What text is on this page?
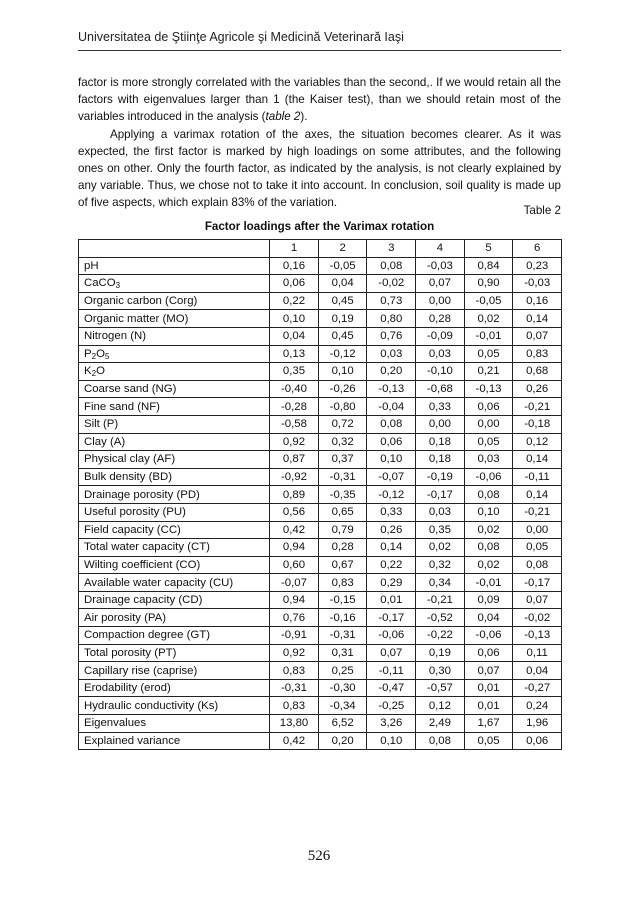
Universitatea de Ştiinţe Agricole şi Medicină Veterinară Iaşi

factor is more strongly correlated with the variables than the second,. If we would retain all the factors with eigenvalues larger than 1 (the Kaiser test), than we should retain most of the variables introduced in the analysis (table 2).

Applying a varimax rotation of the axes, the situation becomes clearer. As it was expected, the first factor is marked by high loadings on some attributes, and the following ones on other. Only the fourth factor, as indicated by the analysis, is not clearly explained by any variable. Thus, we chose not to take it into account. In conclusion, soil quality is made up of five aspects, which explain 83% of the variation.

Table 2
Factor loadings after the Varimax rotation
	1	2	3	4	5	6
pH	0,16	-0,05	0,08	-0,03	0,84	0,23
CaCO$_3$	0,06	0,04	-0,02	0,07	0,90	-0,03
Organic carbon (Corg)	0,22	0,45	0,73	0,00	-0,05	0,16
Organic matter (MO)	0,10	0,19	0,80	0,28	0,02	0,14
Nitrogen (N)	0,04	0,45	0,76	-0,09	-0,01	0,07
$P_2O_5$	0,13	-0,12	0,03	0,03	0,05	0,83
$K_2O$	0,35	0,10	0,20	-0,10	0,21	0,68
Coarse sand (NG)	-0,40	-0,26	-0,13	-0,68	-0,13	0,26
Fine sand (NF)	-0,28	-0,80	-0,04	0,33	0,06	-0,21
Silt (P)	-0,58	0,72	0,08	0,00	0,00	-0,18
Clay (A)	0,92	0,32	0,06	0,18	0,05	0,12
Physical clay (AF)	0,87	0,37	0,10	0,18	0,03	0,14
Bulk density (BD)	-0,92	-0,31	-0,07	-0,19	-0,06	-0,11
Drainage porosity (PD)	0,89	-0,35	-0,12	-0,17	0,08	0,14
Useful porosity (PU)	0,56	0,65	0,33	0,03	0,10	-0,21
Field capacity (CC)	0,42	0,79	0,26	0,35	0,02	0,00
Total water capacity (CT)	0,94	0,28	0,14	0,02	0,08	0,05
Wilting coefficient (CO)	0,60	0,67	0,22	0,32	0,02	0,08
Available water capacity (CU)	-0,07	0,83	0,29	0,34	-0,01	-0,17
Drainage capacity (CD)	0,94	-0,15	0,01	-0,21	0,09	0,07
Air porosity (PA)	0,76	-0,16	-0,17	-0,52	0,04	-0,02
Compaction degree (GT)	-0,91	-0,31	-0,06	-0,22	-0,06	-0,13
Total porosity (PT)	0,92	0,31	0,07	0,19	0,06	0,11
Capillary rise (caprise)	0,83	0,25	-0,11	0,30	0,07	0,04
Erodability (erod)	-0,31	-0,30	-0,47	-0,57	0,01	-0,27
Hydraulic conductivity (Ks)	0,83	-0,34	-0,25	0,12	0,01	0,24
Eigenvalues	13,80	6,52	3,26	2,49	1,67	1,96
Explained variance	0,42	0,20	0,10	0,08	0,05	0,06
526
